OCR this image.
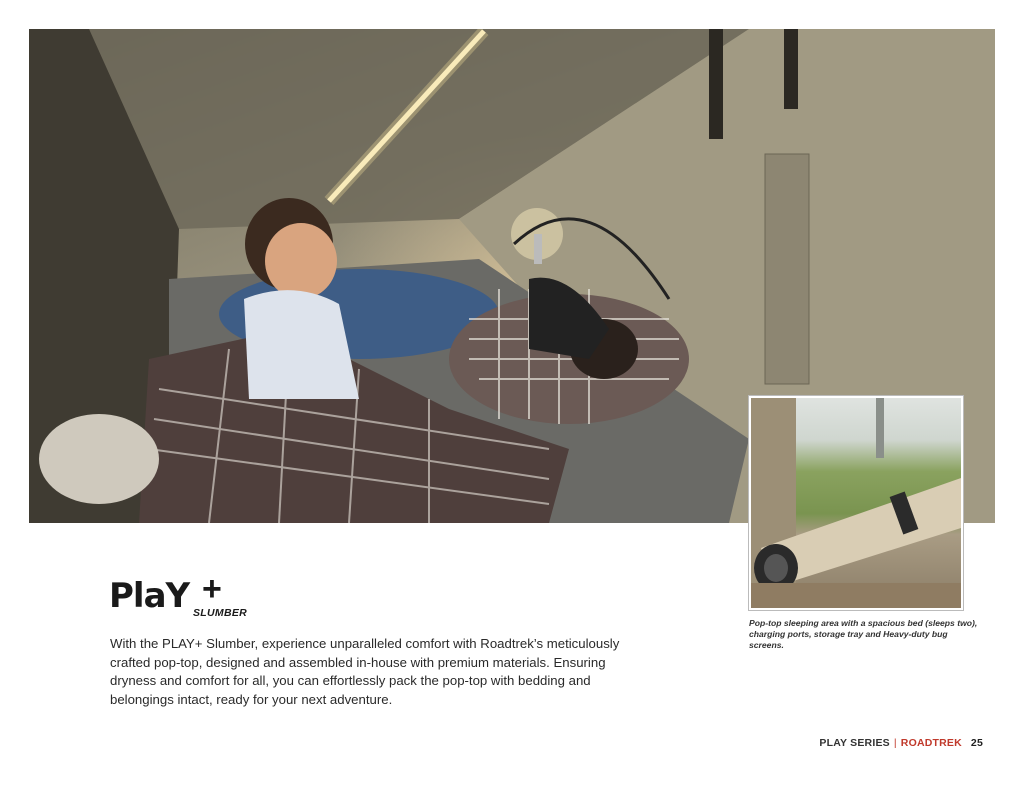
Pop-top sleeping area with a spacious bed (sleeps two), charging ports, storage tray and Heavy-duty bug screens.
PlaY +
SLUMBER
With the PLAY+ Slumber, experience unparalleled comfort with Roadtrek’s meticulously crafted pop-top, designed and assembled in-house with premium materials. Ensuring dryness and comfort for all, you can effortlessly pack the pop-top with bedding and belongings intact, ready for your next adventure.
PLAY SERIES | ROADTREK 25
